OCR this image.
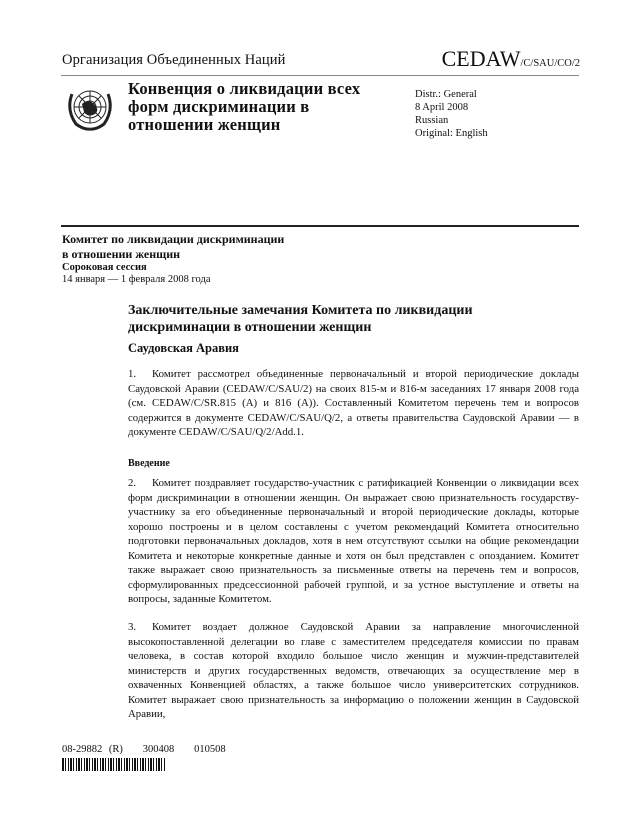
Организация Объединенных Наций	CEDAW/C/SAU/CO/2
Конвенция о ликвидации всех
форм дискриминации в
отношении женщин
Distr.: General
8 April 2008
Russian
Original: English
Комитет по ликвидации дискриминации
в отношении женщин
Сороковая сессия
14 января — 1 февраля 2008 года
Заключительные замечания Комитета по ликвидации
дискриминации в отношении женщин
Саудовская Аравия
1. Комитет рассмотрел объединенные первоначальный и второй периодические доклады Саудовской Аравии (CEDAW/C/SAU/2) на своих 815-м и 816-м заседаниях 17 января 2008 года (см. CEDAW/C/SR.815 (A) и 816 (A)). Составленный Комитетом перечень тем и вопросов содержится в документе CEDAW/C/SAU/Q/2, а ответы правительства Саудовской Аравии — в документе CEDAW/C/SAU/Q/2/Add.1.
Введение
2. Комитет поздравляет государство-участник с ратификацией Конвенции о ликвидации всех форм дискриминации в отношении женщин. Он выражает свою признательность государству-участнику за его объединенные первоначальный и второй периодические доклады, которые хорошо построены и в целом составлены с учетом рекомендаций Комитета относительно подготовки первоначальных докладов, хотя в нем отсутствуют ссылки на общие рекомендации Комитета и некоторые конкретные данные и хотя он был представлен с опозданием. Комитет также выражает свою признательность за письменные ответы на перечень тем и вопросов, сформулированных предсессионной рабочей группой, и за устное выступление и ответы на вопросы, заданные Комитетом.
3. Комитет воздает должное Саудовской Аравии за направление многочисленной высокопоставленной делегации во главе с заместителем председателя комиссии по правам человека, в состав которой входило большое число женщин и мужчин-представителей министерств и других государственных ведомств, отвечающих за осуществление мер в охваченных Конвенцией областях, а также большое число университетских сотрудников. Комитет выражает свою признательность за информацию о положении женщин в Саудовской Аравии,
08-29882 (R)   300408   010508
